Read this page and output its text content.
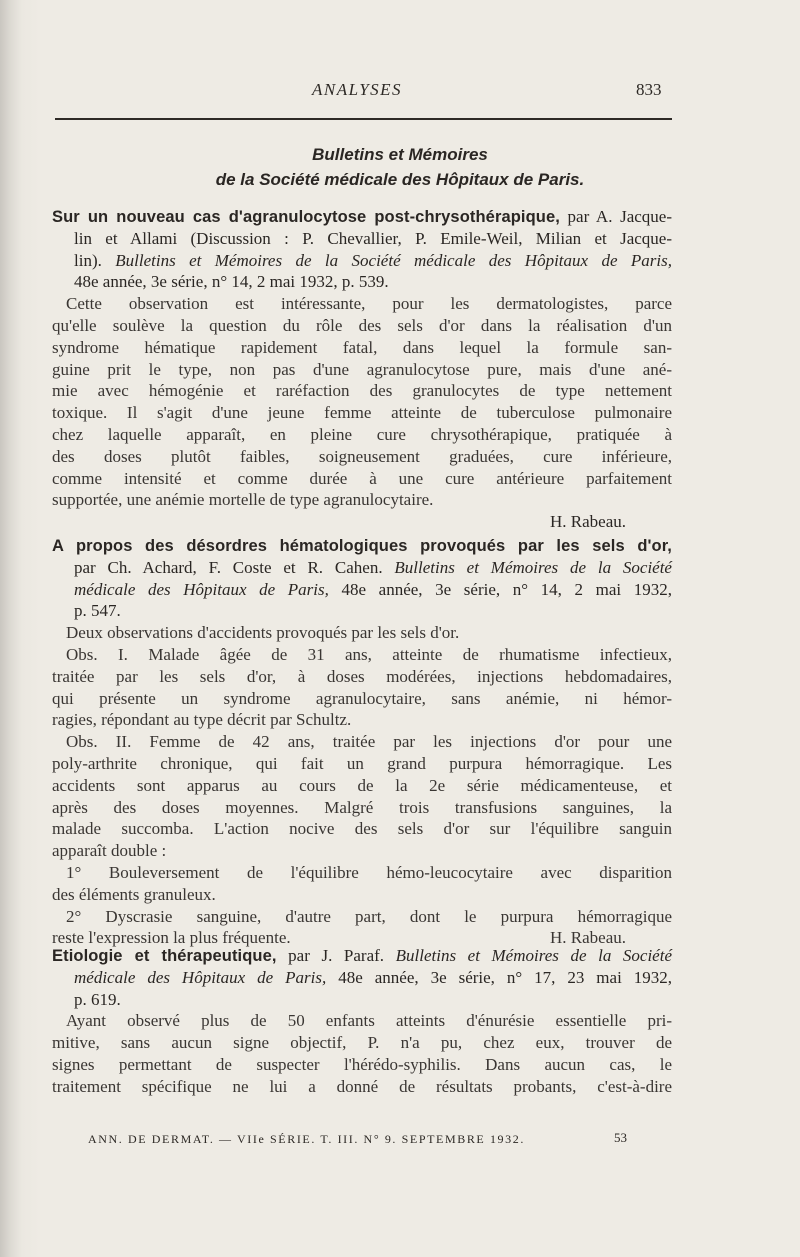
ANALYSES	833
Bulletins et Mémoires
de la Société médicale des Hôpitaux de Paris.
Sur un nouveau cas d'agranulocytose post-chrysothérapique, par A. Jacque-
lin et Allami (Discussion : P. Chevallier, P. Emile-Weil, Milian et Jacque-
lin). Bulletins et Mémoires de la Société médicale des Hôpitaux de Paris,
48e année, 3e série, n° 14, 2 mai 1932, p. 539.
Cette observation est intéressante, pour les dermatologistes, parce
qu'elle soulève la question du rôle des sels d'or dans la réalisation d'un
syndrome hématique rapidement fatal, dans lequel la formule san-
guine prit le type, non pas d'une agranulocytose pure, mais d'une ané-
mie avec hémogénie et raréfaction des granulocytes de type nettement
toxique. Il s'agit d'une jeune femme atteinte de tuberculose pulmonaire
chez laquelle apparaît, en pleine cure chrysothérapique, pratiquée à
des doses plutôt faibles, soigneusement graduées, cure inférieure,
comme intensité et comme durée à une cure antérieure parfaitement
supportée, une anémie mortelle de type agranulocytaire.
H. Rabeau.
A propos des désordres hématologiques provoqués par les sels d'or,
par Ch. Achard, F. Coste et R. Cahen. Bulletins et Mémoires de la Société
médicale des Hôpitaux de Paris, 48e année, 3e série, n° 14, 2 mai 1932,
p. 547.
Deux observations d'accidents provoqués par les sels d'or.
Obs. I. Malade âgée de 31 ans, atteinte de rhumatisme infectieux,
traitée par les sels d'or, à doses modérées, injections hebdomadaires,
qui présente un syndrome agranulocytaire, sans anémie, ni hémor-
ragies, répondant au type décrit par Schultz.
Obs. II. Femme de 42 ans, traitée par les injections d'or pour une
poly-arthrite chronique, qui fait un grand purpura hémorragique. Les
accidents sont apparus au cours de la 2e série médicamenteuse, et
après des doses moyennes. Malgré trois transfusions sanguines, la
malade succomba. L'action nocive des sels d'or sur l'équilibre sanguin
apparaît double :
1° Bouleversement de l'équilibre hémo-leucocytaire avec disparition
des éléments granuleux.
2° Dyscrasie sanguine, d'autre part, dont le purpura hémorragique
reste l'expression la plus fréquente.	H. Rabeau.
Etiologie et thérapeutique, par J. Paraf. Bulletins et Mémoires de la Société
médicale des Hôpitaux de Paris, 48e année, 3e série, n° 17, 23 mai 1932,
p. 619.
Ayant observé plus de 50 enfants atteints d'énurésie essentielle pri-
mitive, sans aucun signe objectif, P. n'a pu, chez eux, trouver de
signes permettant de suspecter l'hérédo-syphilis. Dans aucun cas, le
traitement spécifique ne lui a donné de résultats probants, c'est-à-dire
ANN. DE DERMAT. — VIIe SÉRIE. T. III. N° 9. SEPTEMBRE 1932.	53
